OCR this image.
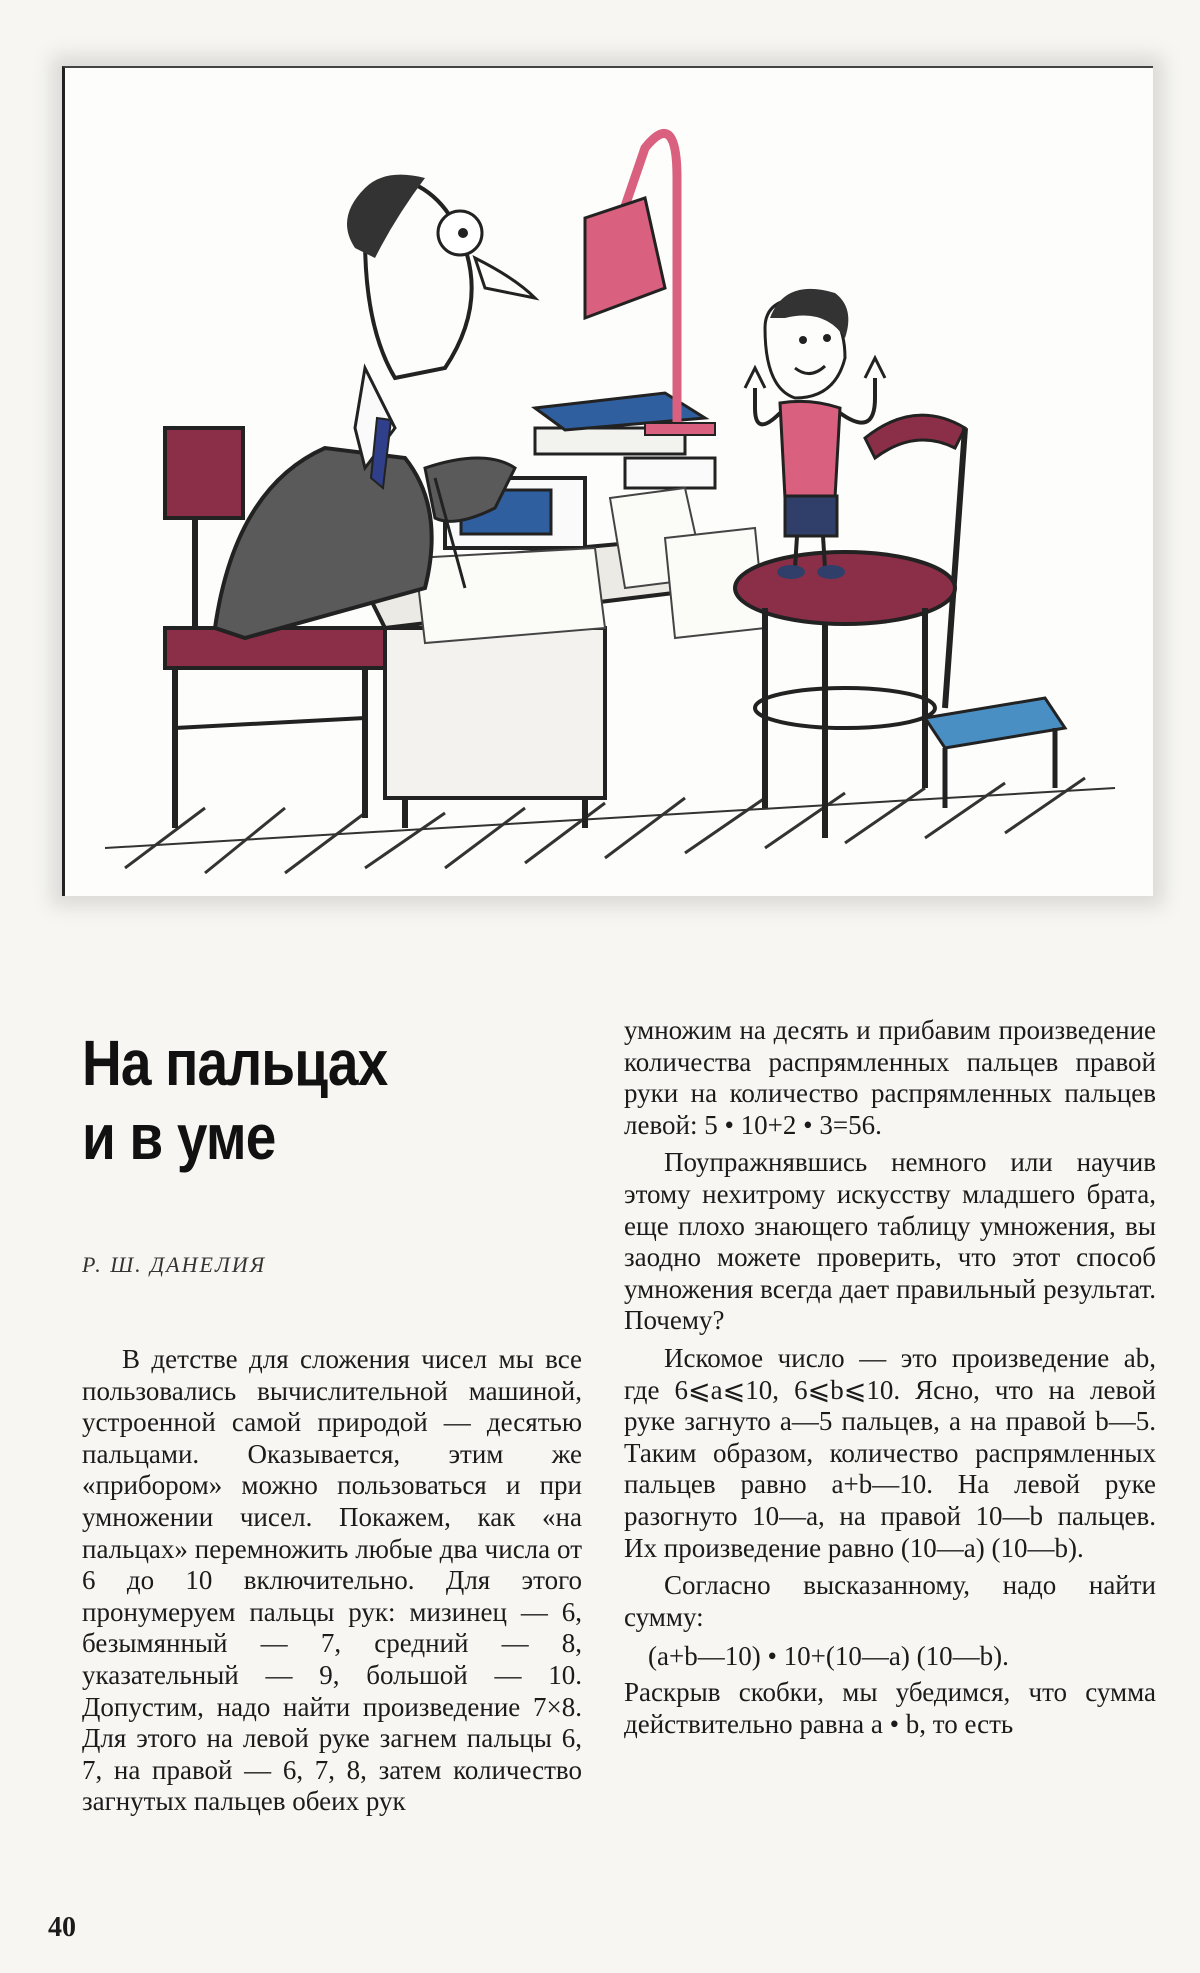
На пальцах
и в уме
Р. Ш. ДАНЕЛИЯ

В детстве для сложения чисел мы все пользовались вычислительной машиной, устроенной самой природой — десятью пальцами. Оказывается, этим же «прибором» можно пользоваться и при умножении чисел. Покажем, как «на пальцах» перемножить любые два числа от 6 до 10 включительно. Для этого пронумеруем пальцы рук: мизинец — 6, безымянный — 7, средний — 8, указательный — 9, большой — 10. Допустим, надо найти произведение 7×8. Для этого на левой руке загнем пальцы 6, 7, на правой — 6, 7, 8, затем количество загнутых пальцев обеих рук

умножим на десять и прибавим произведение количества распрямленных пальцев правой руки на количество распрямленных пальцев левой: 5 • 10+2 • 3=56.

Поупражнявшись немного или научив этому нехитрому искусству младшего брата, еще плохо знающего таблицу умножения, вы заодно можете проверить, что этот способ умножения всегда дает правильный результат. Почему?

Искомое число — это произведение ab, где 6⩽a⩽10, 6⩽b⩽10. Ясно, что на левой руке загнуто a—5 пальцев, а на правой b—5. Таким образом, количество распрямленных пальцев равно a+b—10. На левой руке разогнуто 10—a, на правой 10—b пальцев. Их произведение равно (10—a) (10—b).

Согласно высказанному, надо найти сумму:

(a+b—10) • 10+(10—a) (10—b).

Раскрыв скобки, мы убедимся, что сумма действительно равна a • b, то есть

40
